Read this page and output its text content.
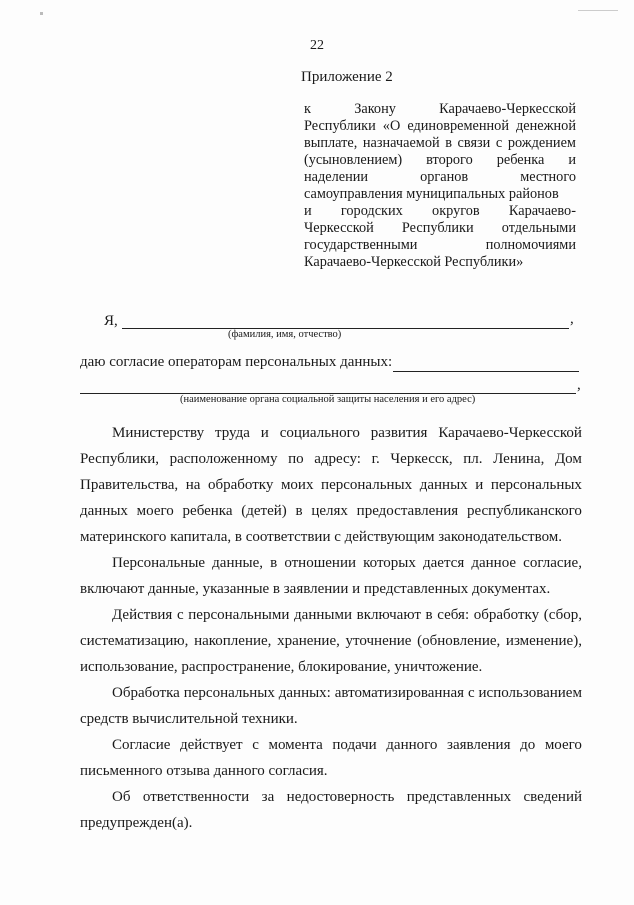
22
Приложение 2
к	Закону	Карачаево-Черкесской
Республики «О единовременной денежной
выплате, назначаемой в связи с рождением
(усыновлением) второго ребенка и
наделении	органов	местного
самоуправления муниципальных районов
и городских округов Карачаево-
Черкесской Республики отдельными
государственными	полномочиями
Карачаево-Черкесской Республики»
Я,	,
(фамилия, имя, отчество)
даю согласие операторам персональных данных:
,
(наименование органа социальной защиты населения и его адрес)
Министерству труда и социального развития Карачаево-Черкесской
Республики, расположенному по адресу: г. Черкесск, пл. Ленина, Дом
Правительства, на обработку моих персональных данных и персональных
данных моего ребенка (детей) в целях предоставления республиканского
материнского капитала, в соответствии с действующим законодательством.
Персональные данные, в отношении которых дается данное согласие,
включают данные, указанные в заявлении и представленных документах.
Действия с персональными данными включают в себя: обработку (сбор,
систематизацию, накопление, хранение, уточнение (обновление, изменение),
использование, распространение, блокирование, уничтожение.
Обработка персональных данных: автоматизированная с использованием
средств вычислительной техники.
Согласие действует с момента подачи данного заявления до моего
письменного отзыва данного согласия.
Об ответственности за недостоверность представленных сведений
предупрежден(а).
